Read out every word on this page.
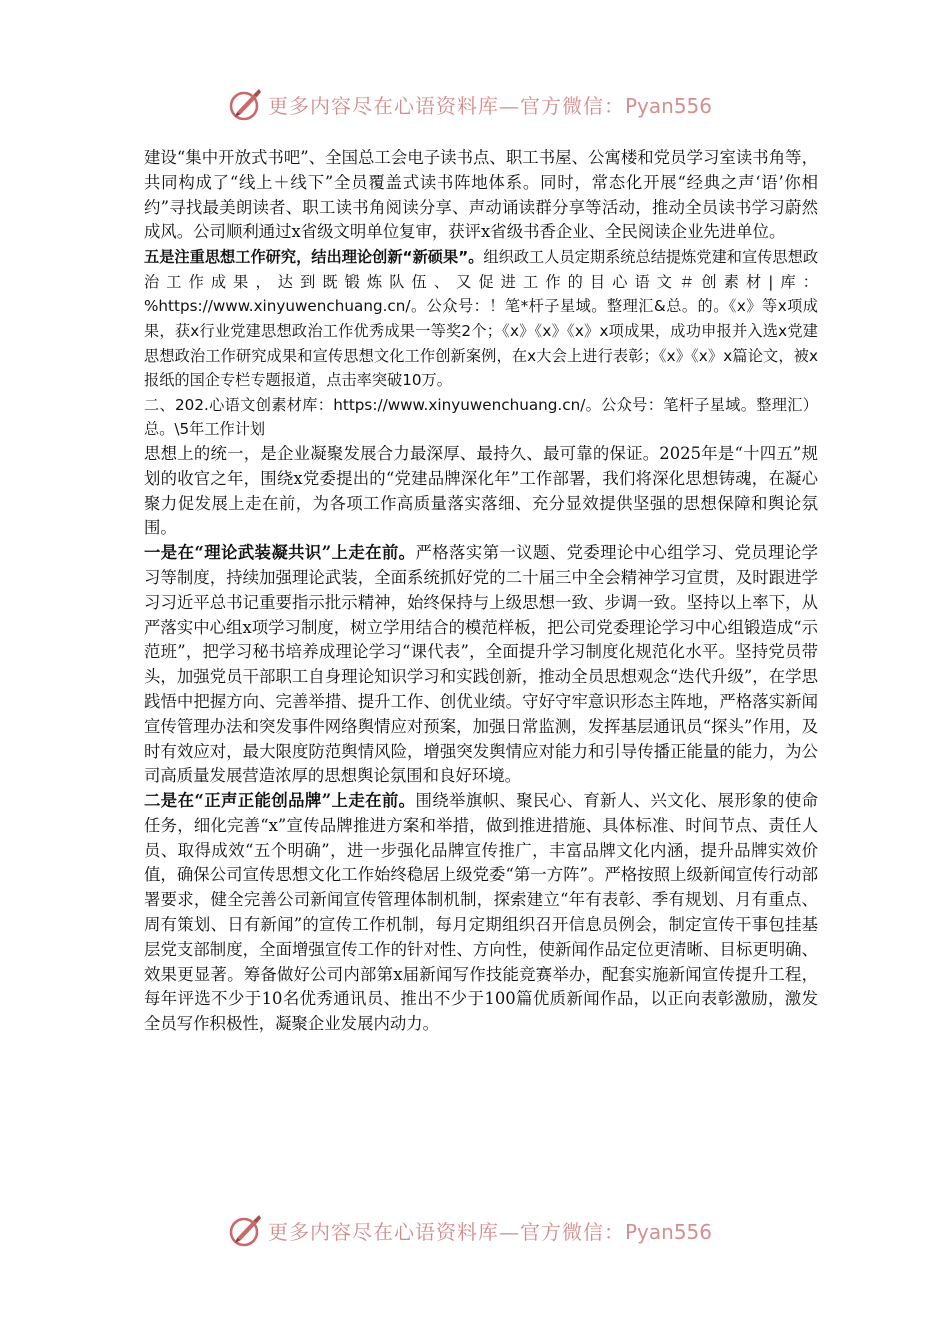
更多内容尽在心语资料库—官方微信：Pyan556

建设“集中开放式书吧”、全国总工会电子读书点、职工书屋、公寓楼和党员学习室读书角等，共同构成了“线上＋线下”全员覆盖式读书阵地体系。同时，常态化开展“经典之声‘语’你相约”寻找最美朗读者、职工读书角阅读分享、声动诵读群分享等活动，推动全员读书学习蔚然成风。公司顺利通过x省级文明单位复审，获评x省级书香企业、全民阅读企业先进单位。

五是注重思想工作研究，结出理论创新“新硕果”。组织政工人员定期系统总结提炼党建和宣传思想政治工作成果，达到既锻炼队伍、又促进工作的目心语文＃创素材|库：%https://www.xinyuwenchuang.cn/。公众号：！笔*杆子星域。整理汇&总。的。《x》等x项成果，获x行业党建思想政治工作优秀成果一等奖2个；《x》《x》《x》x项成果，成功申报并入选x党建思想政治工作研究成果和宣传思想文化工作创新案例，在x大会上进行表彰；《x》《x》x篇论文，被x报纸的国企专栏专题报道，点击率突破10万。

二、202.心语文创素材库：https://www.xinyuwenchuang.cn/。公众号：笔杆子星域。整理汇）总。\5年工作计划

思想上的统一，是企业凝聚发展合力最深厚、最持久、最可靠的保证。2025年是“十四五”规划的收官之年，围绕x党委提出的“党建品牌深化年”工作部署，我们将深化思想铸魂，在凝心聚力促发展上走在前，为各项工作高质量落实落细、充分显效提供坚强的思想保障和舆论氛围。

一是在“理论武装凝共识”上走在前。严格落实第一议题、党委理论中心组学习、党员理论学习等制度，持续加强理论武装，全面系统抓好党的二十届三中全会精神学习宣贯，及时跟进学习习近平总书记重要指示批示精神，始终保持与上级思想一致、步调一致。坚持以上率下，从严落实中心组x项学习制度，树立学用结合的模范样板，把公司党委理论学习中心组锻造成“示范班”，把学习秘书培养成理论学习“课代表”，全面提升学习制度化规范化水平。坚持党员带头，加强党员干部职工自身理论知识学习和实践创新，推动全员思想观念“迭代升级”，在学思践悟中把握方向、完善举措、提升工作、创优业绩。守好守牢意识形态主阵地，严格落实新闻宣传管理办法和突发事件网络舆情应对预案，加强日常监测，发挥基层通讯员“探头”作用，及时有效应对，最大限度防范舆情风险，增强突发舆情应对能力和引导传播正能量的能力，为公司高质量发展营造浓厚的思想舆论氛围和良好环境。

二是在“正声正能创品牌”上走在前。围绕举旗帜、聚民心、育新人、兴文化、展形象的使命任务，细化完善“x”宣传品牌推进方案和举措，做到推进措施、具体标准、时间节点、责任人员、取得成效“五个明确”，进一步强化品牌宣传推广，丰富品牌文化内涵，提升品牌实效价值，确保公司宣传思想文化工作始终稳居上级党委“第一方阵”。严格按照上级新闻宣传行动部署要求，健全完善公司新闻宣传管理体制机制，探索建立“年有表彰、季有规划、月有重点、周有策划、日有新闻”的宣传工作机制，每月定期组织召开信息员例会，制定宣传干事包挂基层党支部制度，全面增强宣传工作的针对性、方向性，使新闻作品定位更清晰、目标更明确、效果更显著。筹备做好公司内部第x届新闻写作技能竞赛举办，配套实施新闻宣传提升工程，每年评选不少于10名优秀通讯员、推出不少于100篇优质新闻作品，以正向表彰激励，激发全员写作积极性，凝聚企业发展内动力。

更多内容尽在心语资料库—官方微信：Pyan556
